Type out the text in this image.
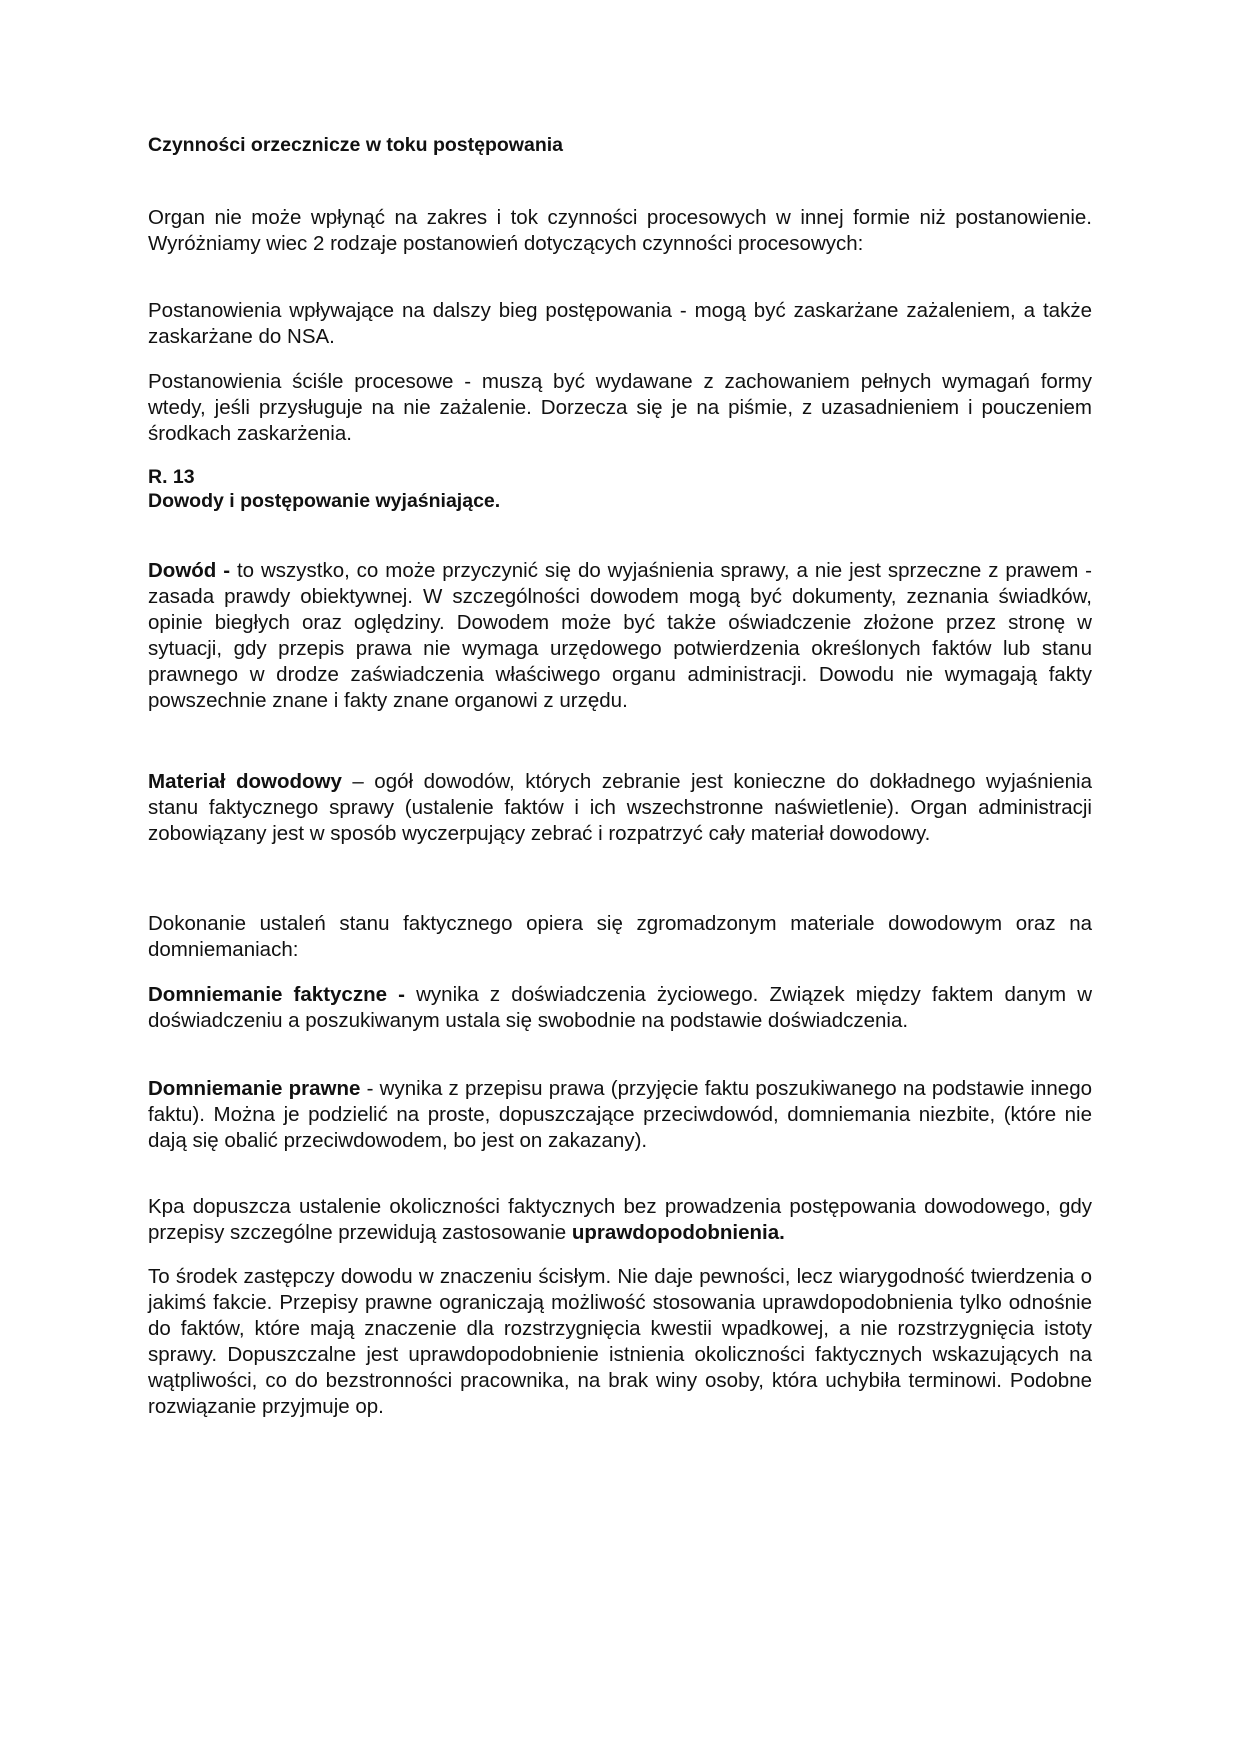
Czynności orzecznicze w toku postępowania

Organ nie może wpłynąć na zakres i tok czynności procesowych w innej formie niż postanowienie. Wyróżniamy wiec 2 rodzaje postanowień dotyczących czynności procesowych:

Postanowienia wpływające na dalszy bieg postępowania - mogą być zaskarżane zażaleniem, a także zaskarżane do NSA.

Postanowienia ściśle procesowe - muszą być wydawane z zachowaniem pełnych wymagań formy wtedy, jeśli przysługuje na nie zażalenie. Dorzecza się je na piśmie, z uzasadnieniem i pouczeniem środkach zaskarżenia.

R. 13

Dowody i postępowanie wyjaśniające.

Dowód - to wszystko, co może przyczynić się do wyjaśnienia sprawy, a nie jest sprzeczne z prawem - zasada prawdy obiektywnej. W szczególności dowodem mogą być dokumenty, zeznania świadków, opinie biegłych oraz oględziny. Dowodem może być także oświadczenie złożone przez stronę w sytuacji, gdy przepis prawa nie wymaga urzędowego potwierdzenia określonych faktów lub stanu prawnego w drodze zaświadczenia właściwego organu administracji. Dowodu nie wymagają fakty powszechnie znane i fakty znane organowi z urzędu.

Materiał dowodowy – ogół dowodów, których zebranie jest konieczne do dokładnego wyjaśnienia stanu faktycznego sprawy (ustalenie faktów i ich wszechstronne naświetlenie). Organ administracji zobowiązany jest w sposób wyczerpujący zebrać i rozpatrzyć cały materiał dowodowy.

Dokonanie ustaleń stanu faktycznego opiera się zgromadzonym materiale dowodowym oraz na domniemaniach:

Domniemanie faktyczne - wynika z doświadczenia życiowego. Związek między faktem danym w doświadczeniu a poszukiwanym ustala się swobodnie na podstawie doświadczenia.

Domniemanie prawne - wynika z przepisu prawa (przyjęcie faktu poszukiwanego na podstawie innego faktu). Można je podzielić na proste, dopuszczające przeciwdowód, domniemania niezbite, (które nie dają się obalić przeciwdowodem, bo jest on zakazany).

Kpa dopuszcza ustalenie okoliczności faktycznych bez prowadzenia postępowania dowodowego, gdy przepisy szczególne przewidują zastosowanie uprawdopodobnienia.

To środek zastępczy dowodu w znaczeniu ścisłym. Nie daje pewności, lecz wiarygodność twierdzenia o jakimś fakcie. Przepisy prawne ograniczają możliwość stosowania uprawdopodobnienia tylko odnośnie do faktów, które mają znaczenie dla rozstrzygnięcia kwestii wpadkowej, a nie rozstrzygnięcia istoty sprawy. Dopuszczalne jest uprawdopodobnienie istnienia okoliczności faktycznych wskazujących na wątpliwości, co do bezstronności pracownika, na brak winy osoby, która uchybiła terminowi. Podobne rozwiązanie przyjmuje op.
